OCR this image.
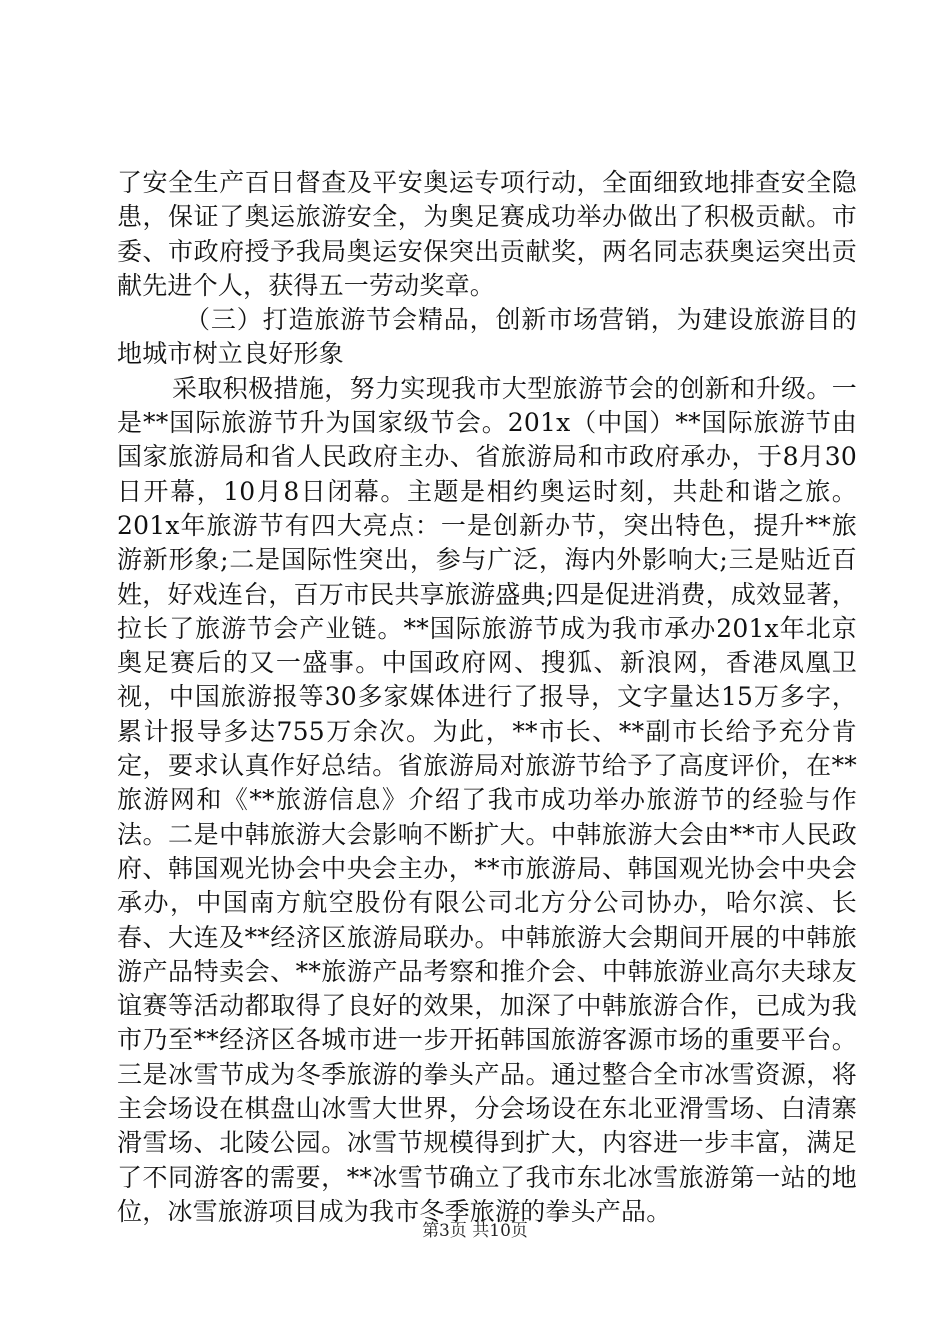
了安全生产百日督查及平安奥运专项行动，全面细致地排查安全隐患，保证了奥运旅游安全，为奥足赛成功举办做出了积极贡献。市委、市政府授予我局奥运安保突出贡献奖，两名同志获奥运突出贡献先进个人，获得五一劳动奖章。

（三）打造旅游节会精品，创新市场营销，为建设旅游目的地城市树立良好形象

采取积极措施，努力实现我市大型旅游节会的创新和升级。一是**国际旅游节升为国家级节会。201x（中国）**国际旅游节由国家旅游局和省人民政府主办、省旅游局和市政府承办，于8月30日开幕，10月8日闭幕。主题是相约奥运时刻，共赴和谐之旅。201x年旅游节有四大亮点：一是创新办节，突出特色，提升**旅游新形象;二是国际性突出，参与广泛，海内外影响大;三是贴近百姓，好戏连台，百万市民共享旅游盛典;四是促进消费，成效显著，拉长了旅游节会产业链。**国际旅游节成为我市承办201x年北京奥足赛后的又一盛事。中国政府网、搜狐、新浪网，香港凤凰卫视，中国旅游报等30多家媒体进行了报导，文字量达15万多字，累计报导多达755万余次。为此，**市长、**副市长给予充分肯定，要求认真作好总结。省旅游局对旅游节给予了高度评价，在**旅游网和《**旅游信息》介绍了我市成功举办旅游节的经验与作法。二是中韩旅游大会影响不断扩大。中韩旅游大会由**市人民政府、韩国观光协会中央会主办，**市旅游局、韩国观光协会中央会承办，中国南方航空股份有限公司北方分公司协办，哈尔滨、长春、大连及**经济区旅游局联办。中韩旅游大会期间开展的中韩旅游产品特卖会、**旅游产品考察和推介会、中韩旅游业高尔夫球友谊赛等活动都取得了良好的效果，加深了中韩旅游合作，已成为我市乃至**经济区各城市进一步开拓韩国旅游客源市场的重要平台。三是冰雪节成为冬季旅游的拳头产品。通过整合全市冰雪资源，将主会场设在棋盘山冰雪大世界，分会场设在东北亚滑雪场、白清寨滑雪场、北陵公园。冰雪节规模得到扩大，内容进一步丰富，满足了不同游客的需要，**冰雪节确立了我市东北冰雪旅游第一站的地位，冰雪旅游项目成为我市冬季旅游的拳头产品。

第3页 共10页
